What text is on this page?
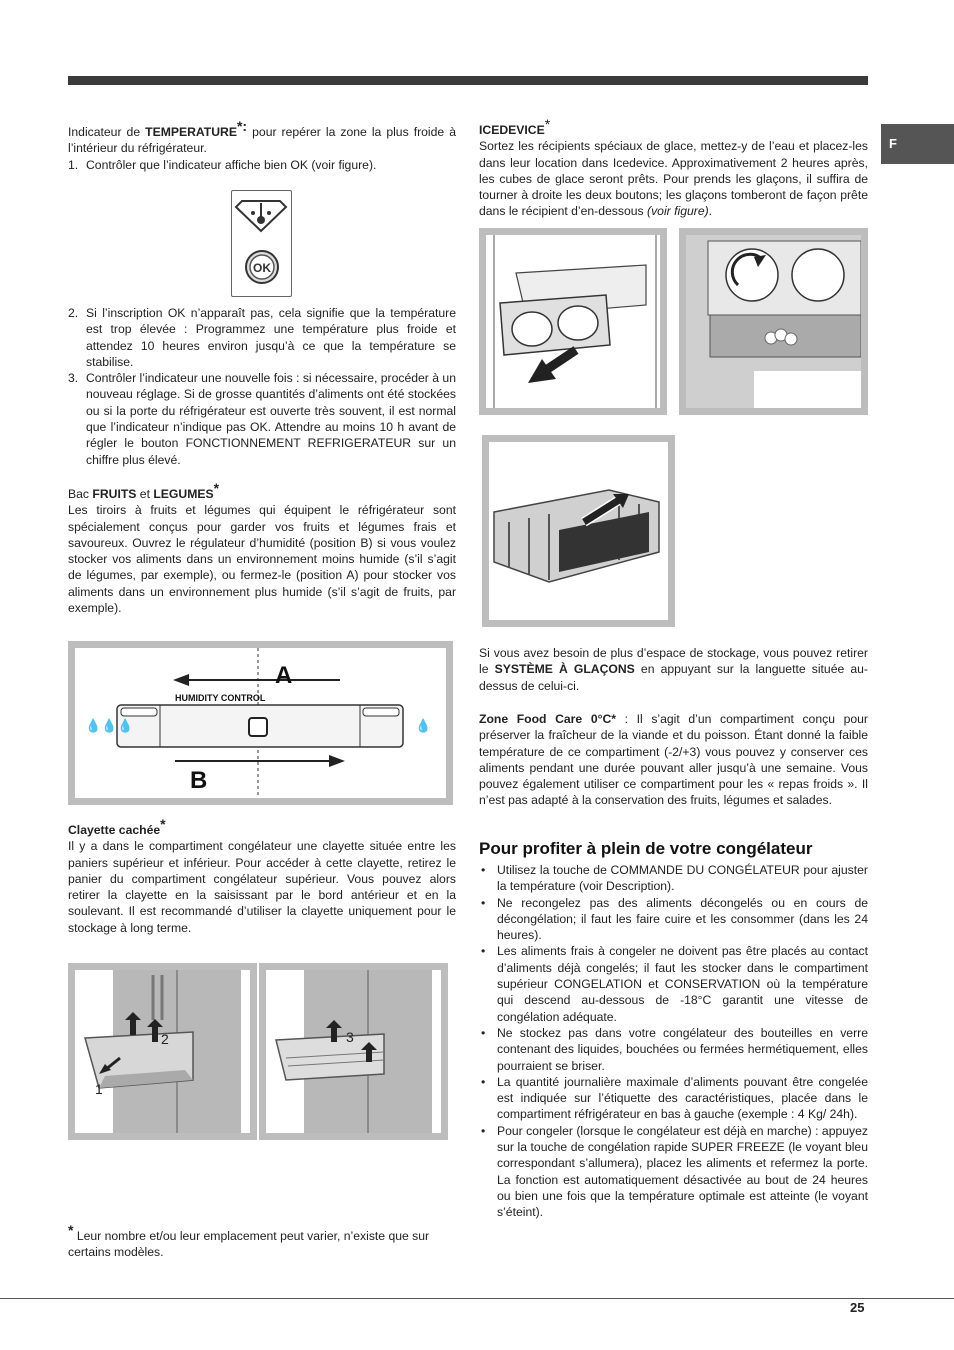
F

Indicateur de TEMPERATURE*: pour repérer la zone la plus froide à l’intérieur du réfrigérateur.

1. Contrôler que l’indicateur affiche bien OK (voir figure).
OK
2. Si l’inscription OK n’apparaît pas, cela signifie que la température est trop élevée : Programmez une température plus froide et attendez 10 heures environ jusqu’à ce que la température se stabilise.
3. Contrôler l’indicateur une nouvelle fois : si nécessaire, procéder à un nouveau réglage. Si de grosse quantités d’aliments ont été stockées ou si la porte du réfrigérateur est ouverte très souvent, il est normal que l’indicateur n’indique pas OK. Attendre au moins 10 h avant de régler le bouton FONCTIONNEMENT REFRIGERATEUR sur un chiffre plus élevé.

Bac FRUITS et LEGUMES*

Les tiroirs à fruits et légumes qui équipent le réfrigérateur sont spécialement conçus pour garder vos fruits et légumes frais et savoureux. Ouvrez le régulateur d’humidité (position B) si vous voulez stocker vos aliments dans un environnement moins humide (s’il s’agit de légumes, par exemple), ou fermez-le (position A) pour stocker vos aliments dans un environnement plus humide (s’il s’agit de fruits, par exemple).

A
HUMIDITY CONTROL
💧💧💧	💧
B

Clayette cachée*

Il y a dans le compartiment congélateur une clayette située entre les paniers supérieur et inférieur. Pour accéder à cette clayette, retirez le panier du compartiment congélateur supérieur. Vous pouvez alors retirer la clayette en la saisissant par le bord antérieur et en la soulevant. Il est recommandé d’utiliser la clayette uniquement pour le stockage à long terme.

1
2	3

* Leur nombre et/ou leur emplacement peut varier, n’existe que sur certains modèles.

ICEDEVICE*

Sortez les récipients spéciaux de glace, mettez-y de l’eau et placez-les dans leur location dans Icedevice. Approximativement 2 heures après, les cubes de glace seront prêts. Pour prends les glaçons, il suffira de tourner à droite les deux boutons; les glaçons tomberont de façon prête dans le récipient d’en-dessous (voir figure).

Si vous avez besoin de plus d’espace de stockage, vous pouvez retirer le SYSTÈME À GLAÇONS en appuyant sur la languette située au-dessus de celui-ci.

Zone Food Care 0°C* : Il s’agit d’un compartiment conçu pour préserver la fraîcheur de la viande et du poisson. Étant donné la faible température de ce compartiment (-2/+3) vous pouvez y conserver ces aliments pendant une durée pouvant aller jusqu’à une semaine. Vous pouvez également utiliser ce compartiment pour les « repas froids ». Il n’est pas adapté à la conservation des fruits, légumes et salades.

Pour profiter à plein de votre congélateur
• Utilisez la touche de COMMANDE DU CONGÉLATEUR pour ajuster la température (voir Description).
• Ne recongelez pas des aliments décongelés ou en cours de décongélation; il faut les faire cuire et les consommer (dans les 24 heures).
• Les aliments frais à congeler ne doivent pas être placés au contact d’aliments déjà congelés; il faut les stocker dans le compartiment supérieur CONGELATION et CONSERVATION où la température qui descend au-dessous de -18°C garantit une vitesse de congélation adéquate.
• Ne stockez pas dans votre congélateur des bouteilles en verre contenant des liquides, bouchées ou fermées hermétiquement, elles pourraient se briser.
• La quantité journalière maximale d’aliments pouvant être congelée est indiquée sur l’étiquette des caractéristiques, placée dans le compartiment réfrigérateur en bas à gauche (exemple : 4 Kg/ 24h).
• Pour congeler (lorsque le congélateur est déjà en marche) : appuyez sur la touche de congélation rapide SUPER FREEZE (le voyant bleu correspondant s’allumera), placez les aliments et refermez la porte. La fonction est automatiquement désactivée au bout de 24 heures ou bien une fois que la température optimale est atteinte (le voyant s’éteint).
25
